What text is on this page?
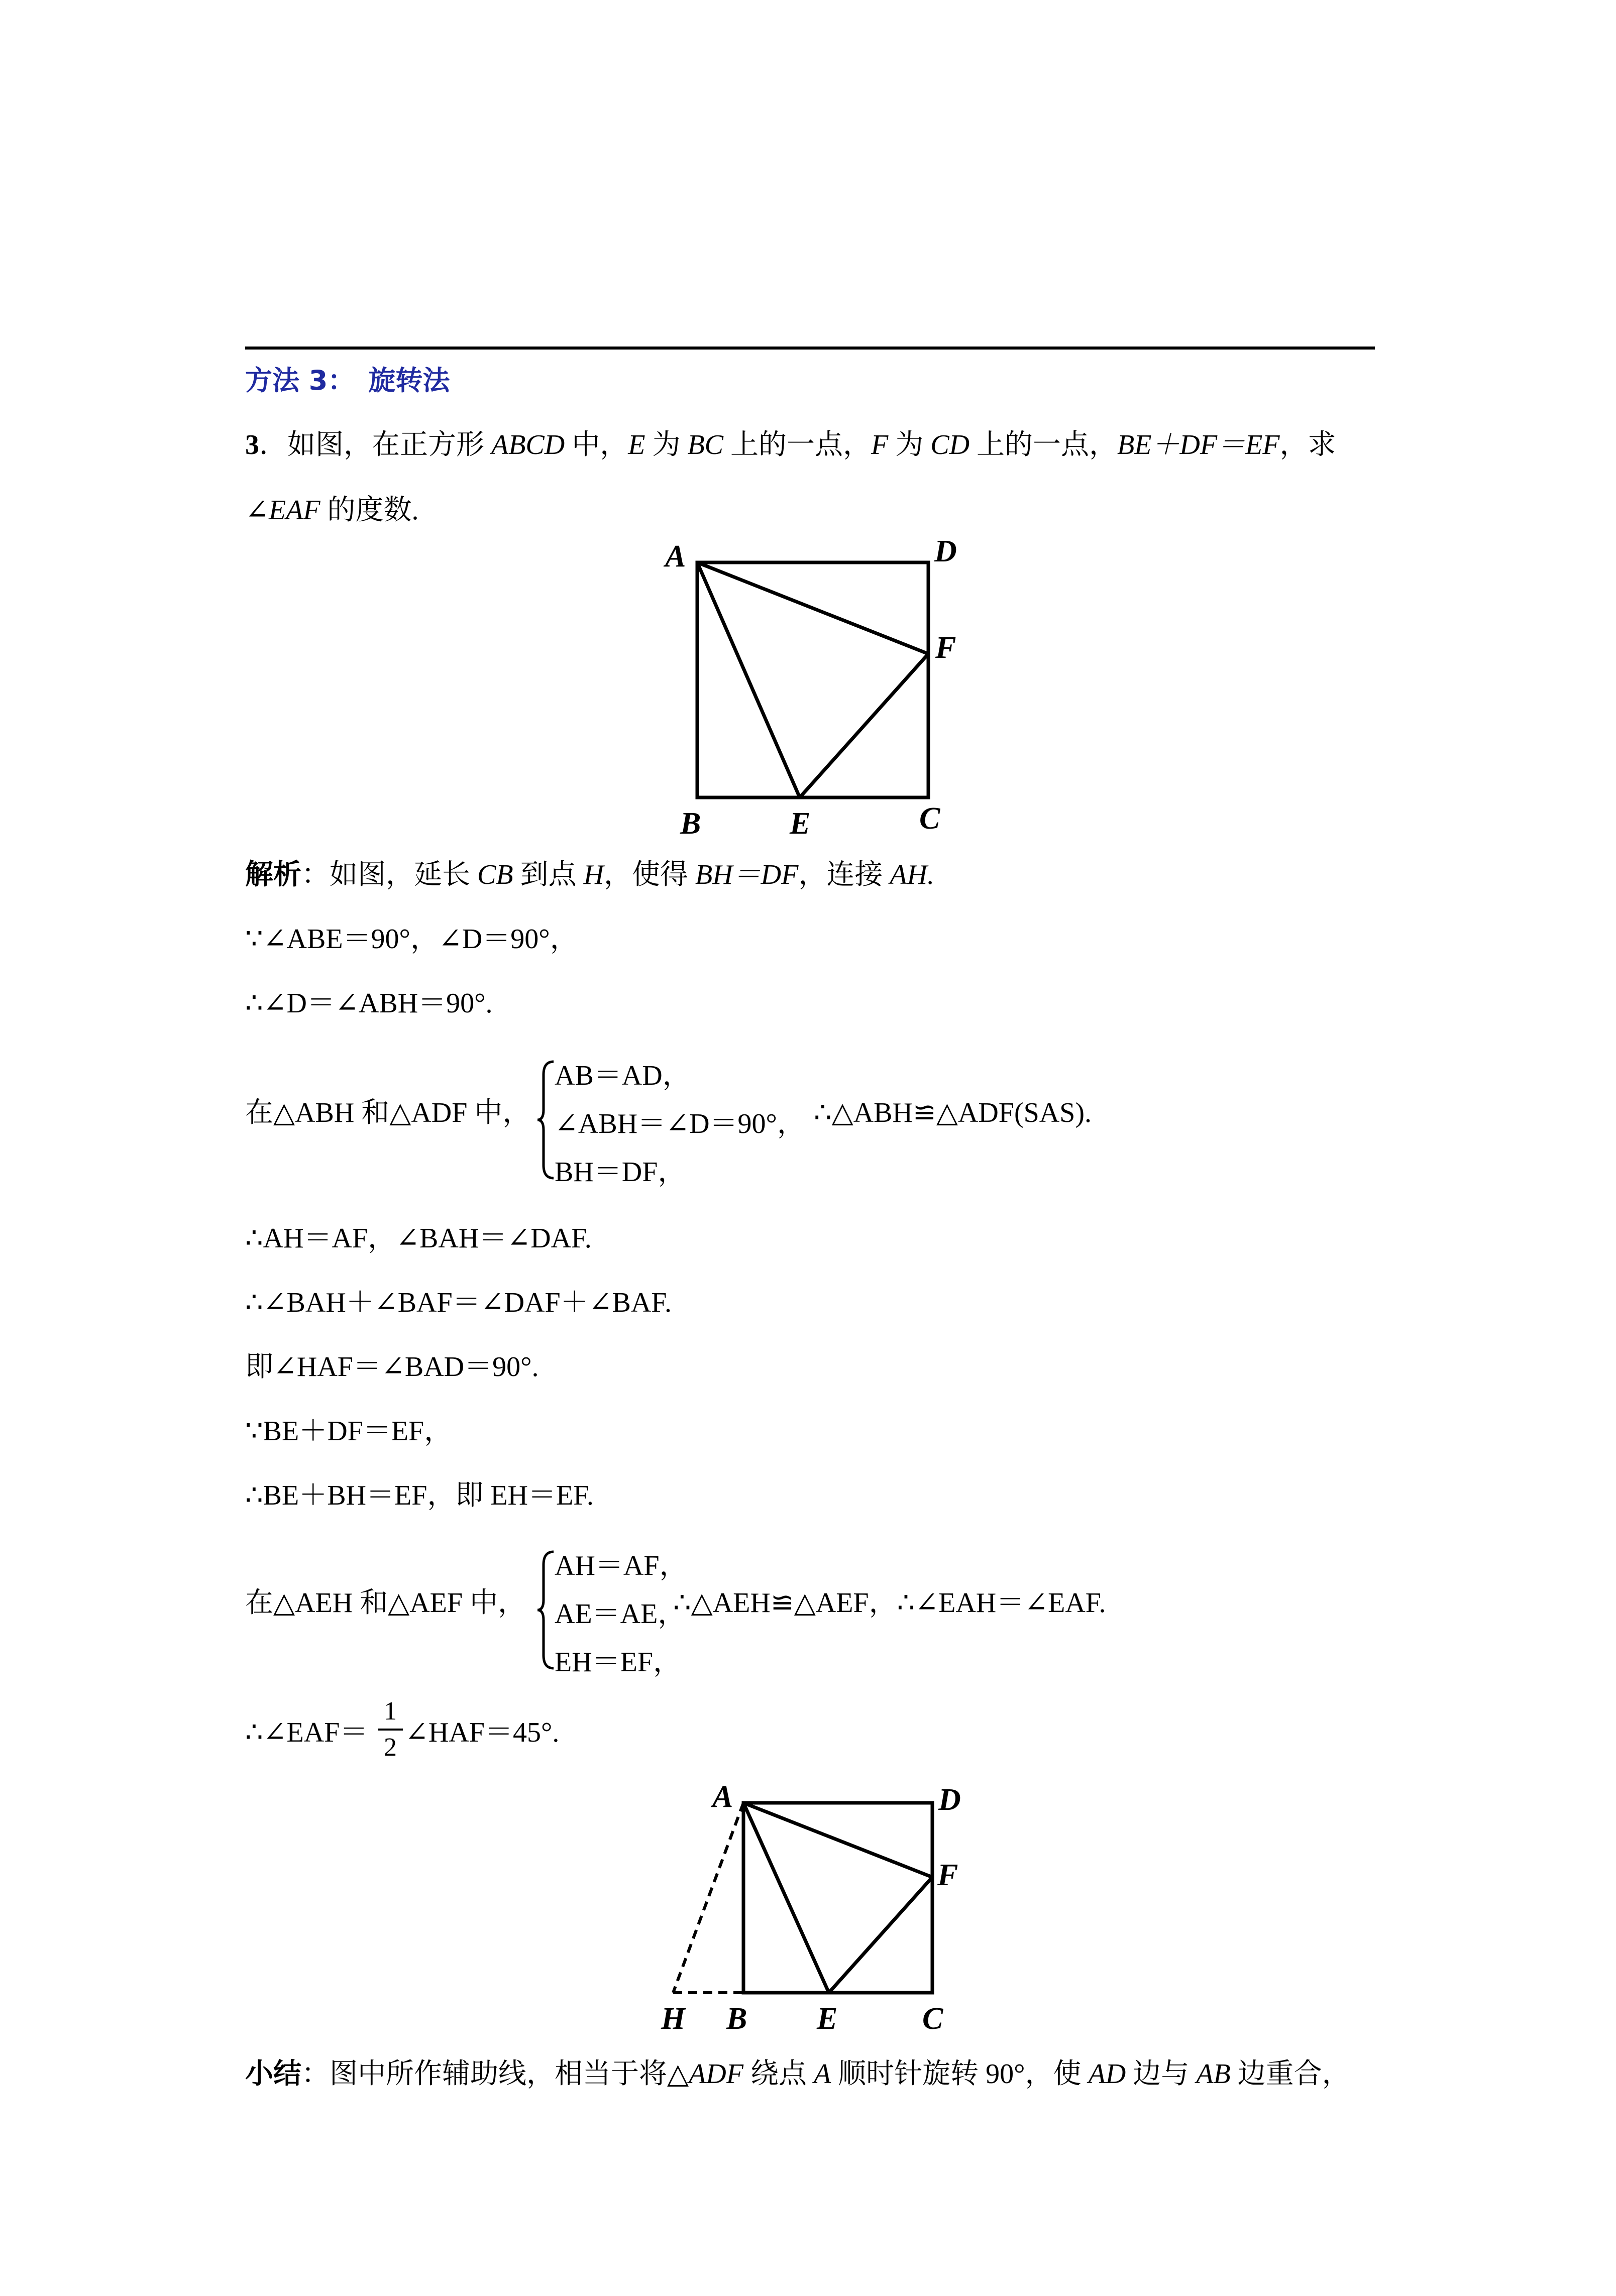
方法 3：　旋转法
3．如图，在正方形 ABCD 中，E 为 BC 上的一点，F 为 CD 上的一点，BE＋DF＝EF，求
∠EAF 的度数.
A	D
F
B	E	C
解析：如图，延长 CB 到点 H，使得 BH＝DF，连接 AH.
∵∠ABE＝90°，∠D＝90°，
∴∠D＝∠ABH＝90°.
在△ABH 和△ADF 中，
AB＝AD，
∠ABH＝∠D＝90°，
BH＝DF，
∴△ABH≌△ADF(SAS).
∴AH＝AF，∠BAH＝∠DAF.
∴∠BAH＋∠BAF＝∠DAF＋∠BAF.
即∠HAF＝∠BAD＝90°.
∵BE＋DF＝EF，
∴BE＋BH＝EF，即 EH＝EF.
在△AEH 和△AEF 中，
AH＝AF，
AE＝AE，
EH＝EF，
∴△AEH≌△AEF，∴∠EAH＝∠EAF.
∴∠EAF＝
1
2 ∠HAF＝45°.
A	D
F
H B E	C
小结：图中所作辅助线，相当于将△ADF 绕点 A 顺时针旋转 90°，使 AD 边与 AB 边重合，
